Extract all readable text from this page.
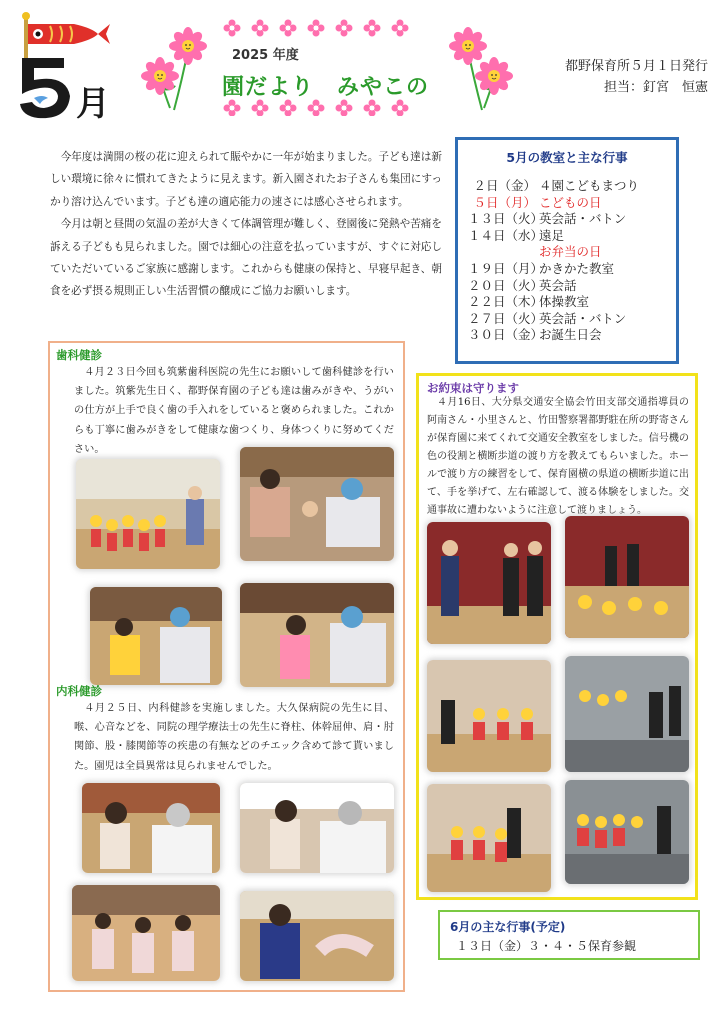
月
2025 年度
園だより　みやこの
都野保育所５月１日発行
担当：釘宮　恒憲

今年度は満開の桜の花に迎えられて賑やかに一年が始まりました。子ども達は新しい環境に徐々に慣れてきたように見えます。新入園されたお子さんも集団にすっかり溶け込んでいます。子ども達の適応能力の速さには感心させられます。

今月は朝と昼間の気温の差が大きくて体調管理が難しく、登園後に発熱や苦痛を訴える子どもも見られました。園では細心の注意を払っていますが、すぐに対応していただいているご家族に感謝します。これからも健康の保持と、早寝早起き、朝食を必ず摂る規則正しい生活習慣の醸成にご協力お願いします。

5月の教室と主な行事
２日（金） ４園こどもまつり
５日（月） こどもの日
１３日（火）
英会話・バトン
１４日（水）
遠足
お弁当の日
１９日（月）
かきかた教室
２０日（火）
英会話
２２日（木）
体操教室
２７日（火）
英会話・バトン
３０日（金）
お誕生日会
歯科健診

４月２３日今回も筑紫歯科医院の先生にお願いして歯科健診を行いました。筑紫先生日く、都野保育園の子ども達は歯みがきや、うがいの仕方が上手で良く歯の手入れをしていると褒められました。これからも丁寧に歯みがきをして健康な歯つくり、身体つくりに努めてください。

内科健診

４月２５日、内科健診を実施しました。大久保病院の先生に目、喉、心音などを、同院の理学療法士の先生に脊柱、体幹屈伸、肩・肘関節、股・膝関節等の疾患の有無などのチエック含めて診て貰いました。園児は全員異常は見られませんでした。

お約束は守ります

４月16日、大分県交通安全協会竹田支部交通指導員の阿南さん・小里さんと、竹田警察署都野駐在所の野寄さんが保育園に来てくれて交通安全教室をしました。信号機の色の役割と横断歩道の渡り方を教えてもらいました。ホールで渡り方の練習をして、保育園横の県道の横断歩道に出て、手を挙げて、左右確認して、渡る体験をしました。交通事故に遭わないように注意して渡りましょう。

6月の主な行事(予定)
１３日（金）３・４・５保育参観
